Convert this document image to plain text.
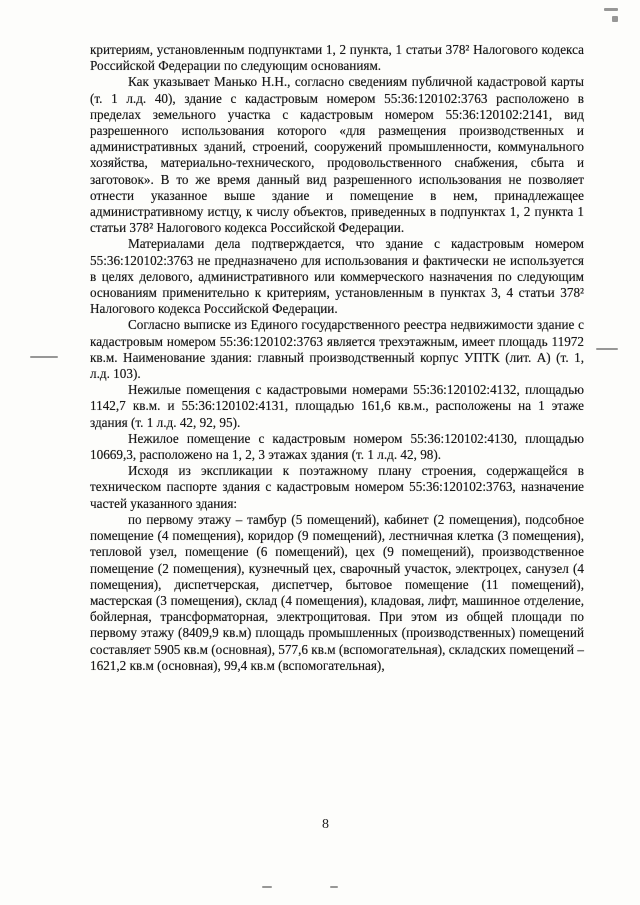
критериям, установленным подпунктами 1, 2 пункта, 1 статьи 378² Налогового кодекса Российской Федерации по следующим основаниям.

Как указывает Манько Н.Н., согласно сведениям публичной кадастровой карты (т. 1 л.д. 40), здание с кадастровым номером 55:36:120102:3763 расположено в пределах земельного участка с кадастровым номером 55:36:120102:2141, вид разрешенного использования которого «для размещения производственных и административных зданий, строений, сооружений промышленности, коммунального хозяйства, материально-технического, продовольственного снабжения, сбыта и заготовок». В то же время данный вид разрешенного использования не позволяет отнести указанное выше здание и помещение в нем, принадлежащее административному истцу, к числу объектов, приведенных в подпунктах 1, 2 пункта 1 статьи 378² Налогового кодекса Российской Федерации.

Материалами дела подтверждается, что здание с кадастровым номером 55:36:120102:3763 не предназначено для использования и фактически не используется в целях делового, административного или коммерческого назначения по следующим основаниям применительно к критериям, установленным в пунктах 3, 4 статьи 378² Налогового кодекса Российской Федерации.

Согласно выписке из Единого государственного реестра недвижимости здание с кадастровым номером 55:36:120102:3763 является трехэтажным, имеет площадь 11972 кв.м. Наименование здания: главный производственный корпус УПТК (лит. А) (т. 1, л.д. 103).

Нежилые помещения с кадастровыми номерами 55:36:120102:4132, площадью 1142,7 кв.м. и 55:36:120102:4131, площадью 161,6 кв.м., расположены на 1 этаже здания (т. 1 л.д. 42, 92, 95).

Нежилое помещение с кадастровым номером 55:36:120102:4130, площадью 10669,3, расположено на 1, 2, 3 этажах здания (т. 1 л.д. 42, 98).

Исходя из экспликации к поэтажному плану строения, содержащейся в техническом паспорте здания с кадастровым номером 55:36:120102:3763, назначение частей указанного здания:

по первому этажу – тамбур (5 помещений), кабинет (2 помещения), подсобное помещение (4 помещения), коридор (9 помещений), лестничная клетка (3 помещения), тепловой узел, помещение (6 помещений), цех (9 помещений), производственное помещение (2 помещения), кузнечный цех, сварочный участок, электроцех, санузел (4 помещения), диспетчерская, диспетчер, бытовое помещение (11 помещений), мастерская (3 помещения), склад (4 помещения), кладовая, лифт, машинное отделение, бойлерная, трансформаторная, электрощитовая. При этом из общей площади по первому этажу (8409,9 кв.м) площадь промышленных (производственных) помещений составляет 5905 кв.м (основная), 577,6 кв.м (вспомогательная), складских помещений – 1621,2 кв.м (основная), 99,4 кв.м (вспомогательная),

8
